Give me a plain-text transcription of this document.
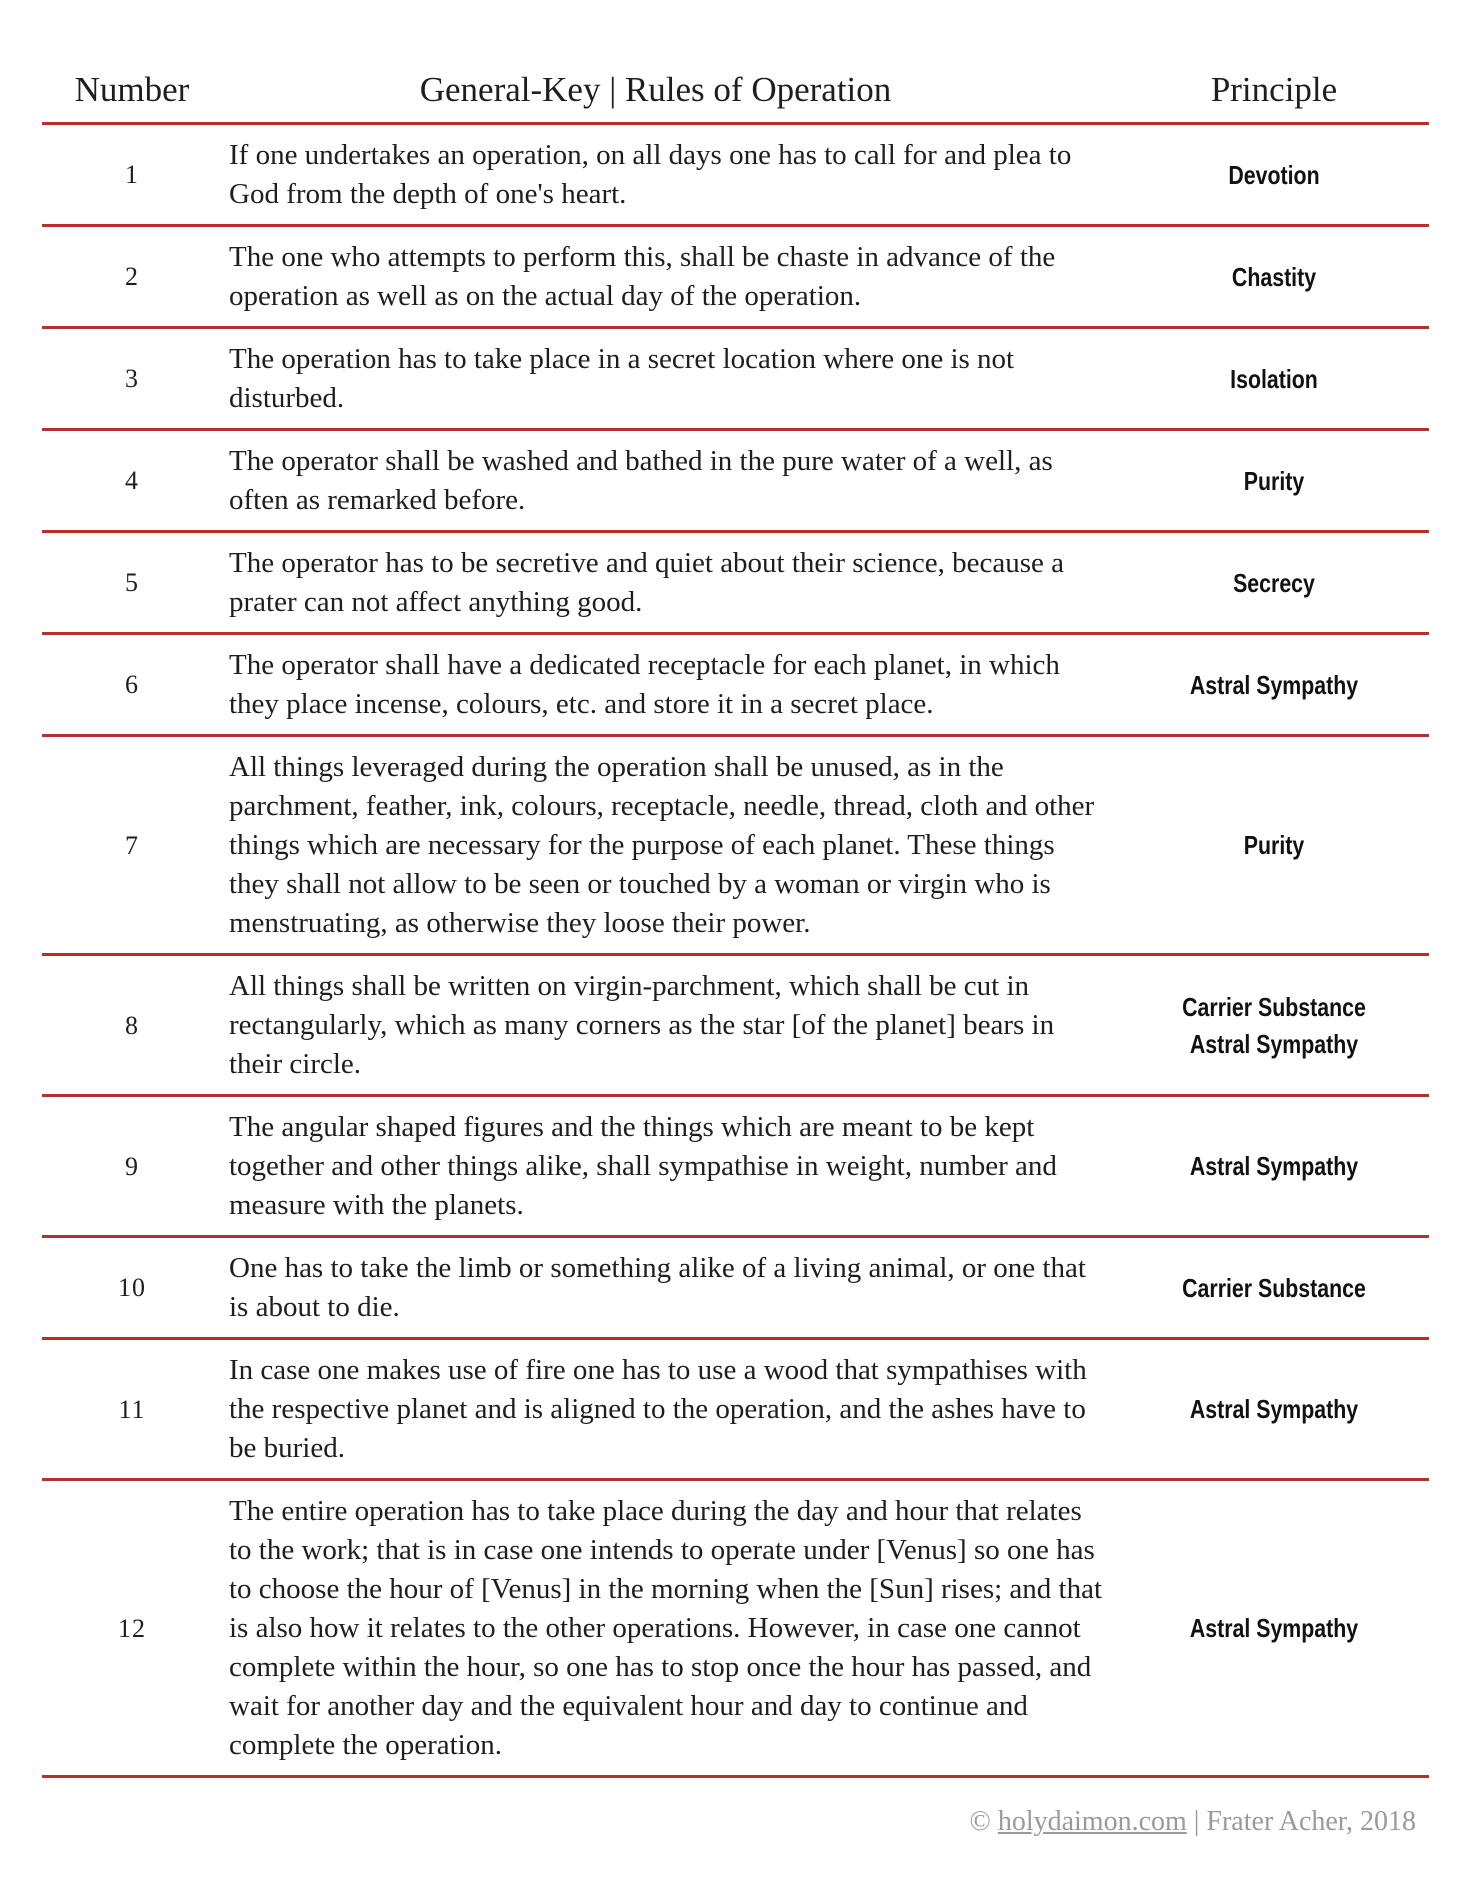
Number	General-Key | Rules of Operation	Principle
1
If one undertakes an operation, on all days one has to call for and plea to God from the depth of one's heart.
Devotion
2
The one who attempts to perform this, shall be chaste in advance of the operation as well as on the actual day of the operation.
Chastity
3
The operation has to take place in a secret location where one is not disturbed.
Isolation
4
The operator shall be washed and bathed in the pure water of a well, as often as remarked before.
Purity
5
The operator has to be secretive and quiet about their science, because a prater can not affect anything good.
Secrecy
6
The operator shall have a dedicated receptacle for each planet, in which they place incense, colours, etc. and store it in a secret place.
Astral Sympathy
7
All things leveraged during the operation shall be unused, as in the parchment, feather, ink, colours, receptacle, needle, thread, cloth and other things which are necessary for the purpose of each planet. These things they shall not allow to be seen or touched by a woman or virgin who is menstruating, as otherwise they loose their power.
Purity
8
All things shall be written on virgin-parchment, which shall be cut in rectangularly, which as many corners as the star [of the planet] bears in their circle.
Carrier Substance
Astral Sympathy
9
The angular shaped figures and the things which are meant to be kept together and other things alike, shall sympathise in weight, number and measure with the planets.
Astral Sympathy
10
One has to take the limb or something alike of a living animal, or one that is about to die.
Carrier Substance
11
In case one makes use of fire one has to use a wood that sympathises with the respective planet and is aligned to the operation, and the ashes have to be buried.
Astral Sympathy
12
The entire operation has to take place during the day and hour that relates to the work; that is in case one intends to operate under [Venus] so one has to choose the hour of [Venus] in the morning when the [Sun] rises; and that is also how it relates to the other operations. However, in case one cannot complete within the hour, so one has to stop once the hour has passed, and wait for another day and the equivalent hour and day to continue and complete the operation.
Astral Sympathy
© holydaimon.com | Frater Acher, 2018
